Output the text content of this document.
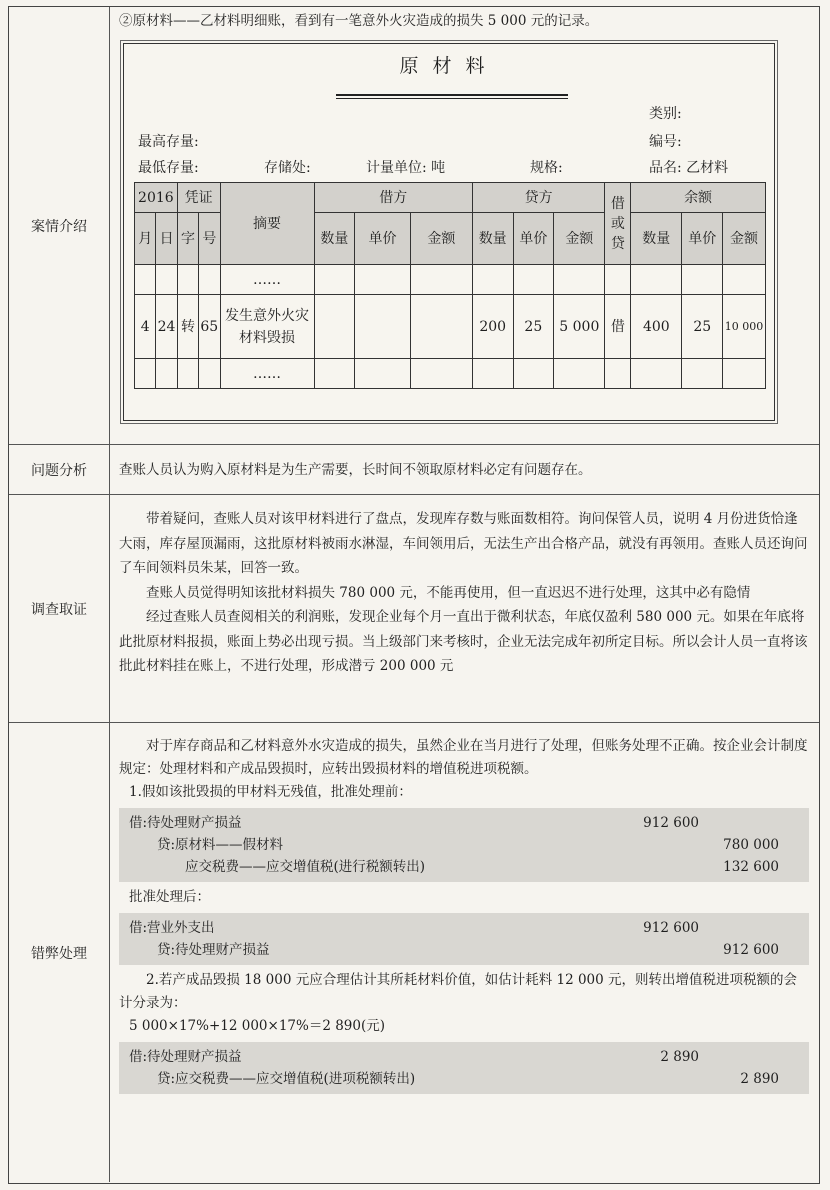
案情介绍

②原材料——乙材料明细账，看到有一笔意外火灾造成的损失 5 000 元的记录。

原材料
类别:
最高存量:	编号:
最低存量:	存储处:	计量单位: 吨	规格:	品名: 乙材料
2016		凭证		摘要	借方			贷方			借或贷	余额		
月	日	字	号		数量	单价	金额	数量	单价	金额		数量	单价	金额
				……										
4	24	转	65	发生意外火灾材料毁损				200	25	5 000	借	400	25	10 000
				……										
问题分析	查账人员认为购入原材料是为生产需要，长时间不领取原材料必定有问题存在。

调查取证

带着疑问，查账人员对该甲材料进行了盘点，发现库存数与账面数相符。询问保管人员，说明 4 月份进货恰逢大雨，库存屋顶漏雨，这批原材料被雨水淋湿，车间领用后，无法生产出合格产品，就没有再领用。查账人员还询问了车间领料员朱某，回答一致。

查账人员觉得明知该批材料损失 780 000 元，不能再使用，但一直迟迟不进行处理，这其中必有隐情

经过查账人员查阅相关的利润账，发现企业每个月一直出于微利状态，年底仅盈利 580 000 元。如果在年底将此批原材料报损，账面上势必出现亏损。当上级部门来考核时，企业无法完成年初所定目标。所以会计人员一直将该批此材料挂在账上，不进行处理，形成潜亏 200 000 元

错弊处理

对于库存商品和乙材料意外水灾造成的损失，虽然企业在当月进行了处理，但账务处理不正确。按企业会计制度规定：处理材料和产成品毁损时，应转出毁损材料的增值税进项税额。

1.假如该批毁损的甲材料无残值，批准处理前：

借:待处理财产损益	912 600
贷:原材料——假材料	780 000
应交税费——应交增值税(进行税额转出)	132 600

批准处理后：

借:营业外支出	912 600
贷:待处理财产损益	912 600

2.若产成品毁损 18 000 元应合理估计其所耗材料价值，如估计耗料 12 000 元，则转出增值税进项税额的会计分录为：

5 000×17%+12 000×17%＝2 890(元)

借:待处理财产损益	2 890
贷:应交税费——应交增值税(进项税额转出)	2 890
